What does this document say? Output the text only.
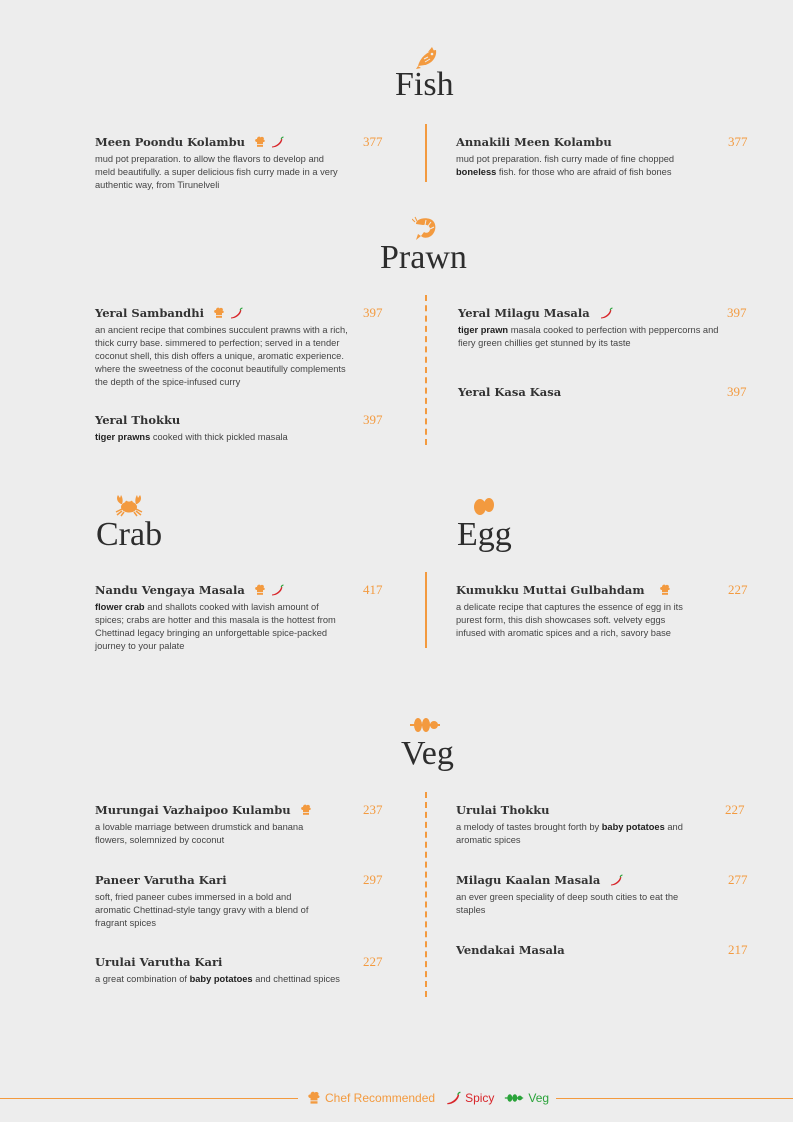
Fish
Meen Poondu Kolambu	377
mud pot preparation. to allow the flavors to develop and meld beautifully. a super delicious fish curry made in a very authentic way, from Tirunelveli
Annakili Meen Kolambu	377
mud pot preparation. fish curry made of fine chopped boneless fish. for those who are afraid of fish bones
Prawn
Yeral Sambandhi	397
an ancient recipe that combines succulent prawns with a rich, thick curry base. simmered to perfection; served in a tender coconut shell, this dish offers a unique, aromatic experience. where the sweetness of the coconut beautifully complements the depth of the spice-infused curry
Yeral Thokku	397
tiger prawns cooked with thick pickled masala
Yeral Milagu Masala	397
tiger prawn masala cooked to perfection with peppercorns and fiery green chillies get stunned by its taste
Yeral Kasa Kasa	397
Crab
Nandu Vengaya Masala	417
flower crab and shallots cooked with lavish amount of spices; crabs are hotter and this masala is the hottest from Chettinad legacy bringing an unforgettable spice-packed journey to your palate
Egg
Kumukku Muttai Gulbahdam	227
a delicate recipe that captures the essence of egg in its purest form, this dish showcases soft. velvety eggs infused with aromatic spices and a rich, savory base
Veg
Murungai Vazhaipoo Kulambu	237
a lovable marriage between drumstick and banana flowers, solemnized by coconut
Paneer Varutha Kari	297
soft, fried paneer cubes immersed in a bold and aromatic Chettinad-style tangy gravy with a blend of fragrant spices
Urulai Varutha Kari	227
a great combination of baby potatoes and chettinad spices
Urulai Thokku	227
a melody of tastes brought forth by baby potatoes and aromatic spices
Milagu Kaalan Masala	277
an ever green speciality of deep south cities to eat the staples
Vendakai Masala	217
Chef Recommended	Spicy	Veg
